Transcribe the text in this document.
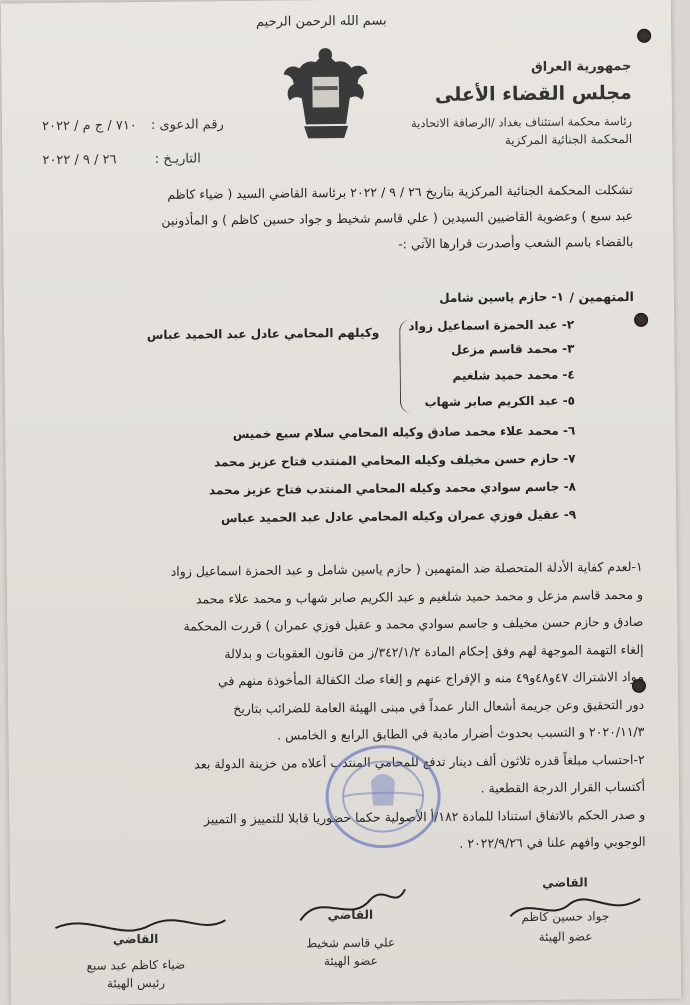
بسم الله الرحمن الرحيم
جمهورية العراق
مجلس القضاء الأعلى
رئاسة محكمة استئناف بغداد /الرصافة الاتحادية
المحكمة الجنائية المركزية
٧١٠ / ج م / ٢٠٢٢ رقم الدعوى :
٢٦ / ٩ / ٢٠٢٢	التاريـخ :
تشكلت المحكمة الجنائية المركزية بتاريخ ٢٦ / ٩ / ٢٠٢٢ برئاسة القاضي السيد ( ضياء كاظم
عبد سبع ) وعضوية القاضيين السيدين ( علي قاسم شخيط و جواد حسين كاظم ) و المأذونين
بالقضاء باسم الشعب وأصدرت قرارها الآتي :-
المتهمين /
١- حازم ياسين شامل
٢- عبد الحمزة اسماعيل زواد
٣- محمد قاسم مزعل
٤- محمد حميد شلغيم
٥- عبد الكريم صابر شهاب
وكيلهم المحامي عادل عبد الحميد عباس
٦- محمد علاء محمد صادق وكيله المحامي سلام سبع خميس
٧- حازم حسن مخيلف وكيله المحامي المنتدب فتاح عزيز محمد
٨- جاسم سوادي محمد وكيله المحامي المنتدب فتاح عزيز محمد
٩- عقيل فوزي عمران وكيله المحامي عادل عبد الحميد عباس
١-لعدم كفاية الأدلة المتحصلة ضد المتهمين ( حازم ياسين شامل و عبد الحمزة اسماعيل زواد
و محمد قاسم مزعل و محمد حميد شلغيم و عبد الكريم صابر شهاب و محمد علاء محمد
صادق و حازم حسن مخيلف و جاسم سوادي محمد و عقيل فوزي عمران ) قررت المحكمة
إلغاء التهمة الموجهة لهم وفق إحكام المادة ٣٤٢/١/٢/ز من قانون العقوبات و بدلالة
مواد الاشتراك ٤٧و٤٨و٤٩ منه و الإفراج عنهم و إلغاء صك الكفالة المأخوذة منهم في
دور التحقيق وعن جريمة أشعال النار عمداً في مبنى الهيئة العامة للضرائب بتاريخ
٢٠٢٠/١١/٣ و التسبب بحدوث أضرار مادية في الطابق الرابع و الخامس .
٢-احتساب مبلغاً قدره ثلاثون ألف دينار تدفع للمحامي المنتدب أعلاه من خزينة الدولة بعد
أكتساب القرار الدرجة القطعية .
و صدر الحكم بالاتفاق استنادا للمادة ١٨٢/أ الأصولية حكما حضوريا قابلا للتمييز و التمييز
الوجوبي وافهم علنا في ٢٠٢٢/٩/٢٦ .
القاضي
جواد حسين كاظم
عضو الهيئة
القاضي
علي قاسم شخيط
عضو الهيئة
القاضي
ضياء كاظم عبد سبع
رئيس الهيئة
